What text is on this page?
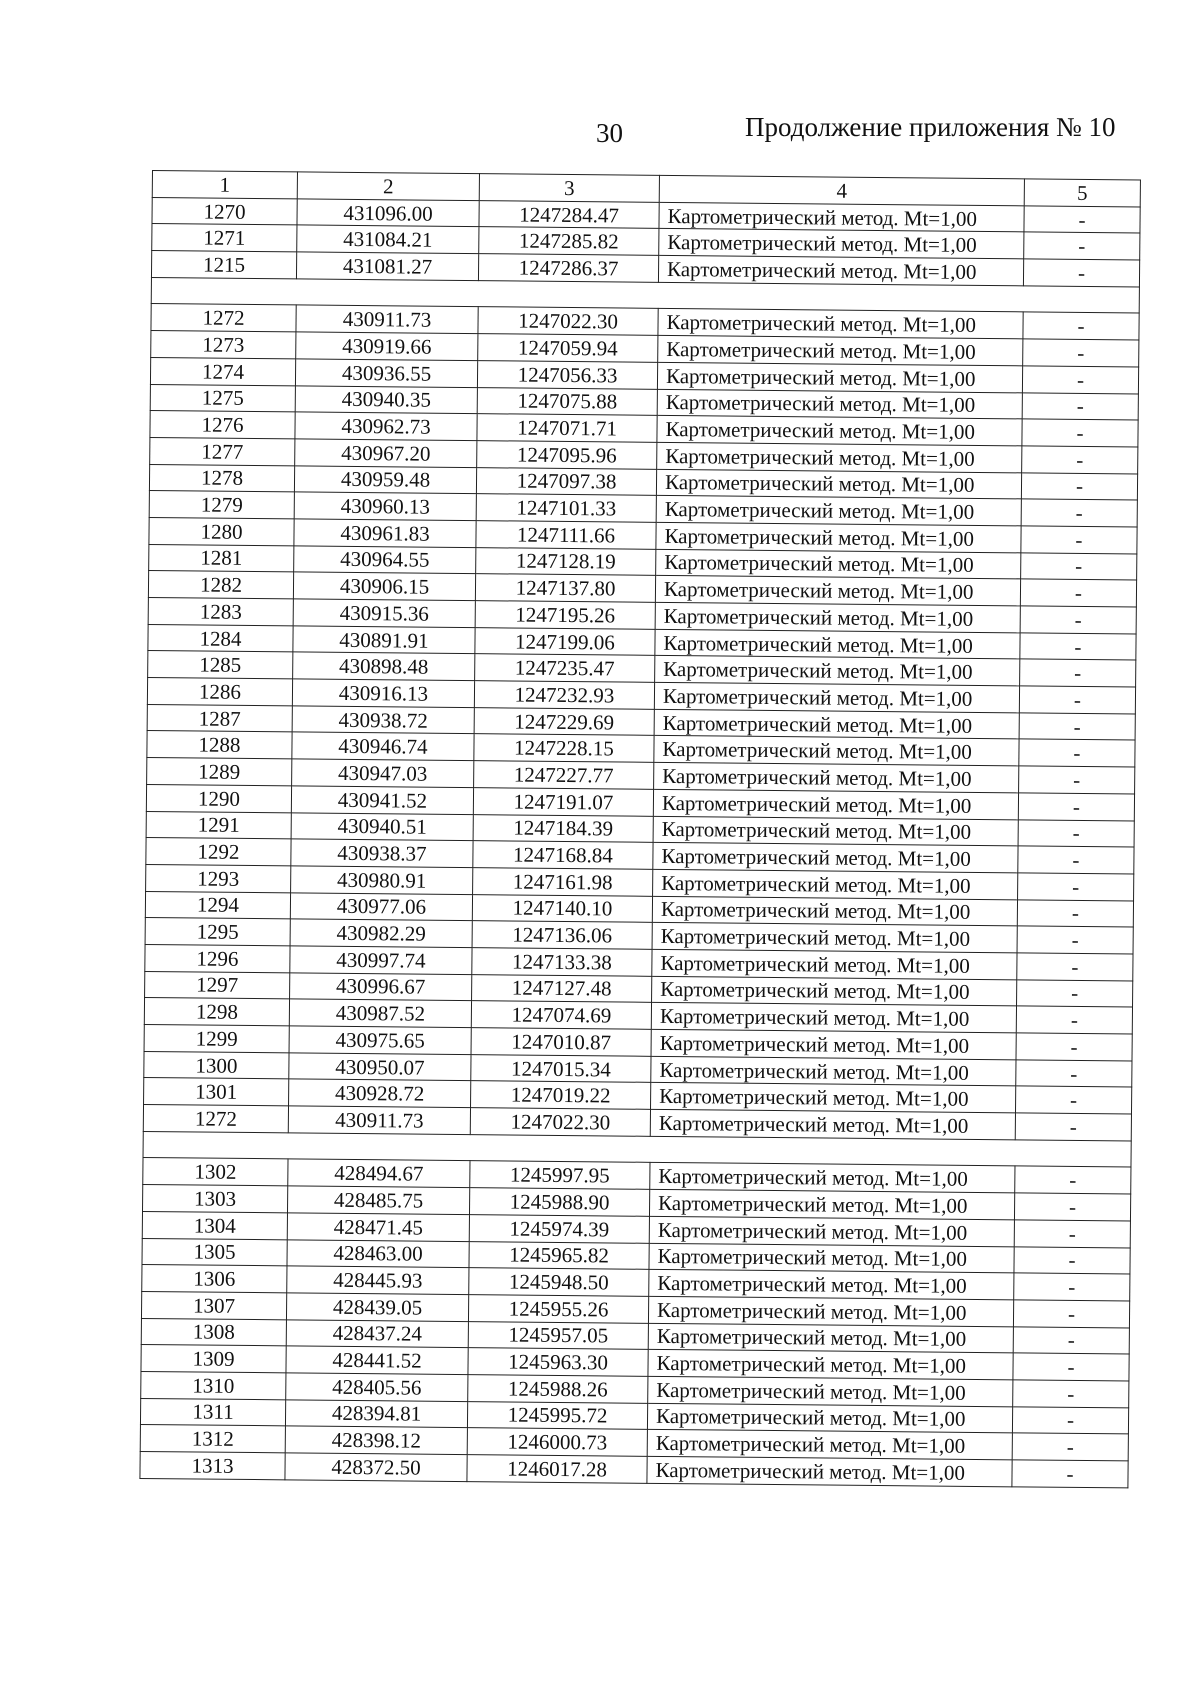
30	Продолжение приложения № 10
1	2	3	4	5
1270	431096.00	1247284.47	Картометрический метод. Mt=1,00	-
1271	431084.21	1247285.82	Картометрический метод. Mt=1,00	-
1215	431081.27	1247286.37	Картометрический метод. Mt=1,00	-

1272	430911.73	1247022.30	Картометрический метод. Mt=1,00	-
1273	430919.66	1247059.94	Картометрический метод. Mt=1,00	-
1274	430936.55	1247056.33	Картометрический метод. Mt=1,00	-
1275	430940.35	1247075.88	Картометрический метод. Mt=1,00	-
1276	430962.73	1247071.71	Картометрический метод. Mt=1,00	-
1277	430967.20	1247095.96	Картометрический метод. Mt=1,00	-
1278	430959.48	1247097.38	Картометрический метод. Mt=1,00	-
1279	430960.13	1247101.33	Картометрический метод. Mt=1,00	-
1280	430961.83	1247111.66	Картометрический метод. Mt=1,00	-
1281	430964.55	1247128.19	Картометрический метод. Mt=1,00	-
1282	430906.15	1247137.80	Картометрический метод. Mt=1,00	-
1283	430915.36	1247195.26	Картометрический метод. Mt=1,00	-
1284	430891.91	1247199.06	Картометрический метод. Mt=1,00	-
1285	430898.48	1247235.47	Картометрический метод. Mt=1,00	-
1286	430916.13	1247232.93	Картометрический метод. Mt=1,00	-
1287	430938.72	1247229.69	Картометрический метод. Mt=1,00	-
1288	430946.74	1247228.15	Картометрический метод. Mt=1,00	-
1289	430947.03	1247227.77	Картометрический метод. Mt=1,00	-
1290	430941.52	1247191.07	Картометрический метод. Mt=1,00	-
1291	430940.51	1247184.39	Картометрический метод. Mt=1,00	-
1292	430938.37	1247168.84	Картометрический метод. Mt=1,00	-
1293	430980.91	1247161.98	Картометрический метод. Mt=1,00	-
1294	430977.06	1247140.10	Картометрический метод. Mt=1,00	-
1295	430982.29	1247136.06	Картометрический метод. Mt=1,00	-
1296	430997.74	1247133.38	Картометрический метод. Mt=1,00	-
1297	430996.67	1247127.48	Картометрический метод. Mt=1,00	-
1298	430987.52	1247074.69	Картометрический метод. Mt=1,00	-
1299	430975.65	1247010.87	Картометрический метод. Mt=1,00	-
1300	430950.07	1247015.34	Картометрический метод. Mt=1,00	-
1301	430928.72	1247019.22	Картометрический метод. Mt=1,00	-
1272	430911.73	1247022.30	Картометрический метод. Mt=1,00	-

1302	428494.67	1245997.95	Картометрический метод. Mt=1,00	-
1303	428485.75	1245988.90	Картометрический метод. Mt=1,00	-
1304	428471.45	1245974.39	Картометрический метод. Mt=1,00	-
1305	428463.00	1245965.82	Картометрический метод. Mt=1,00	-
1306	428445.93	1245948.50	Картометрический метод. Mt=1,00	-
1307	428439.05	1245955.26	Картометрический метод. Mt=1,00	-
1308	428437.24	1245957.05	Картометрический метод. Mt=1,00	-
1309	428441.52	1245963.30	Картометрический метод. Mt=1,00	-
1310	428405.56	1245988.26	Картометрический метод. Mt=1,00	-
1311	428394.81	1245995.72	Картометрический метод. Mt=1,00	-
1312	428398.12	1246000.73	Картометрический метод. Mt=1,00	-
1313	428372.50	1246017.28	Картометрический метод. Mt=1,00	-
